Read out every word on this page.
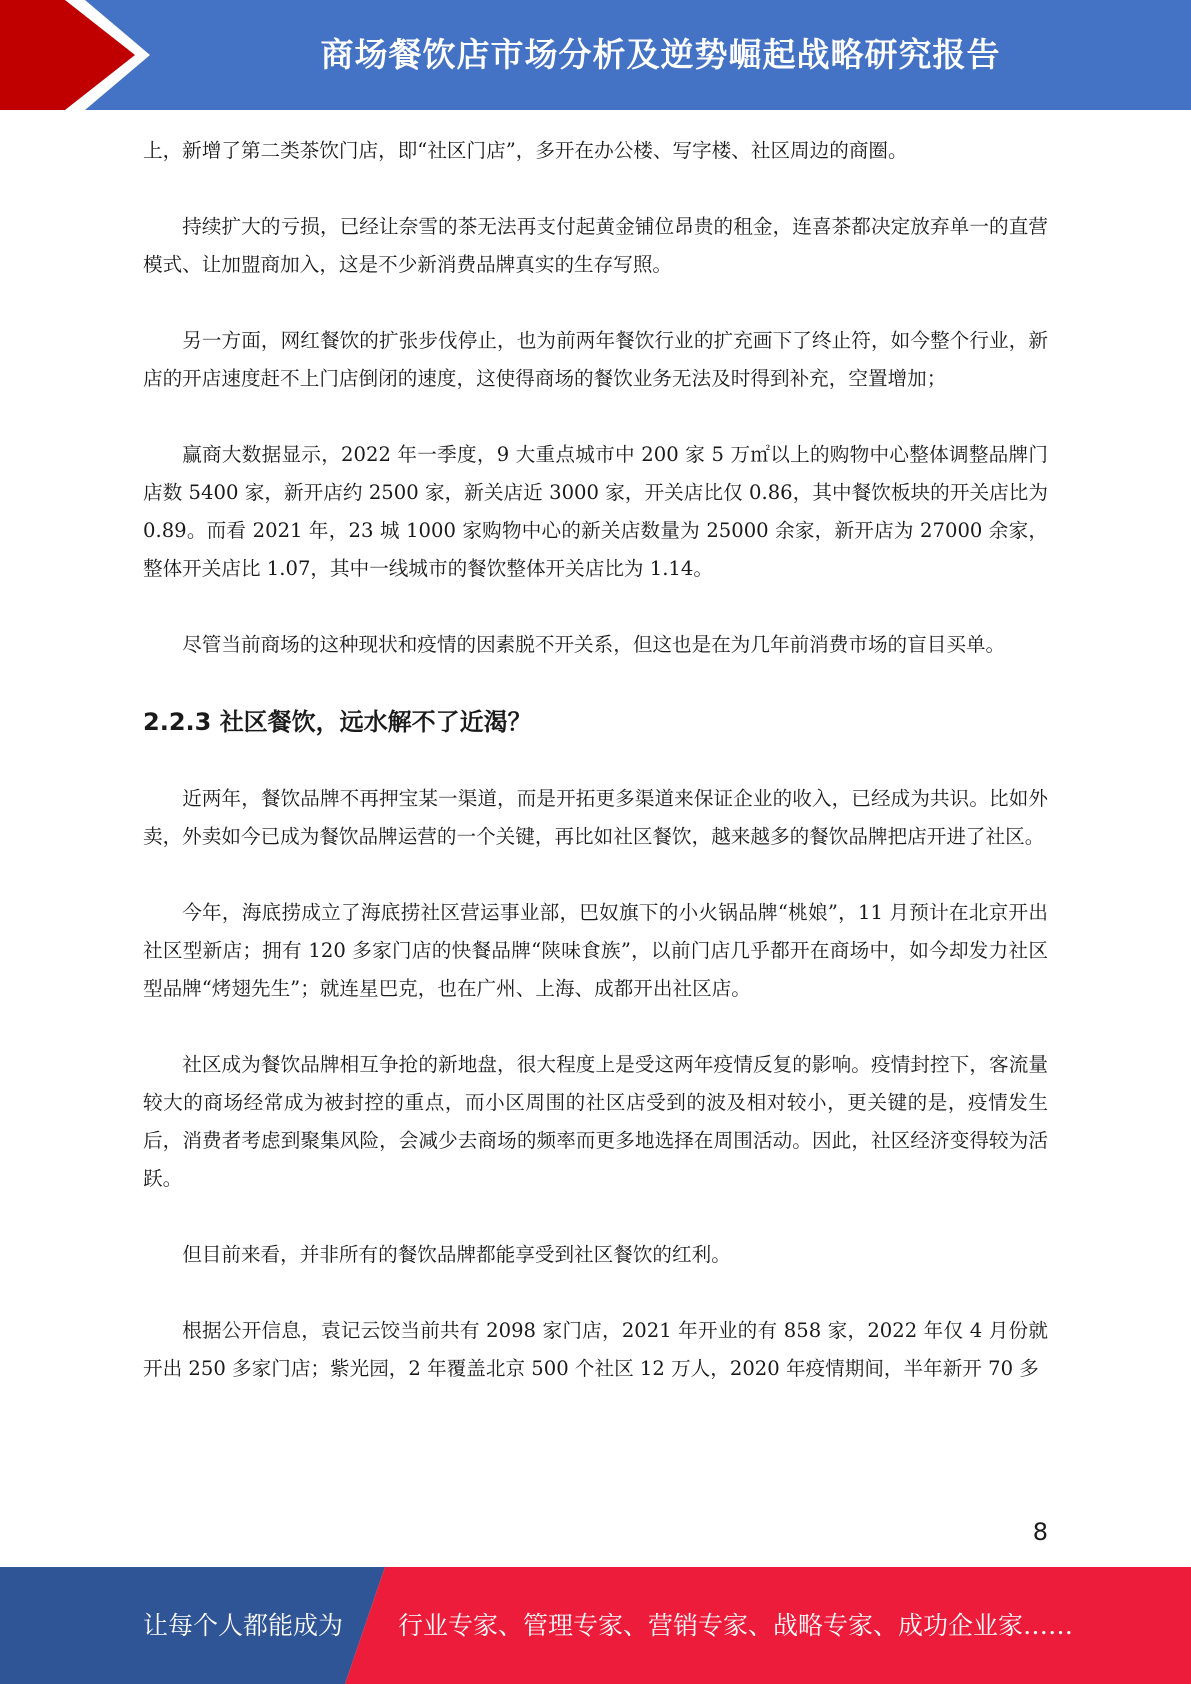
商场餐饮店市场分析及逆势崛起战略研究报告

上，新增了第二类茶饮门店，即“社区门店”，多开在办公楼、写字楼、社区周边的商圈。

持续扩大的亏损，已经让奈雪的茶无法再支付起黄金铺位昂贵的租金，连喜茶都决定放弃单一的直营模式、让加盟商加入，这是不少新消费品牌真实的生存写照。

另一方面，网红餐饮的扩张步伐停止，也为前两年餐饮行业的扩充画下了终止符，如今整个行业，新店的开店速度赶不上门店倒闭的速度，这使得商场的餐饮业务无法及时得到补充，空置增加；

赢商大数据显示，2022 年一季度，9 大重点城市中 200 家 5 万㎡以上的购物中心整体调整品牌门店数 5400 家，新开店约 2500 家，新关店近 3000 家，开关店比仅 0.86，其中餐饮板块的开关店比为 0.89。而看 2021 年，23 城 1000 家购物中心的新关店数量为 25000 余家，新开店为 27000 余家，整体开关店比 1.07，其中一线城市的餐饮整体开关店比为 1.14。

尽管当前商场的这种现状和疫情的因素脱不开关系，但这也是在为几年前消费市场的盲目买单。

2.2.3 社区餐饮，远水解不了近渴？

近两年，餐饮品牌不再押宝某一渠道，而是开拓更多渠道来保证企业的收入，已经成为共识。比如外卖，外卖如今已成为餐饮品牌运营的一个关键，再比如社区餐饮，越来越多的餐饮品牌把店开进了社区。

今年，海底捞成立了海底捞社区营运事业部，巴奴旗下的小火锅品牌“桃娘”，11 月预计在北京开出社区型新店；拥有 120 多家门店的快餐品牌“陕味食族”，以前门店几乎都开在商场中，如今却发力社区型品牌“烤翅先生”；就连星巴克，也在广州、上海、成都开出社区店。

社区成为餐饮品牌相互争抢的新地盘，很大程度上是受这两年疫情反复的影响。疫情封控下，客流量较大的商场经常成为被封控的重点，而小区周围的社区店受到的波及相对较小，更关键的是，疫情发生后，消费者考虑到聚集风险，会减少去商场的频率而更多地选择在周围活动。因此，社区经济变得较为活跃。

但目前来看，并非所有的餐饮品牌都能享受到社区餐饮的红利。

根据公开信息，袁记云饺当前共有 2098 家门店，2021 年开业的有 858 家，2022 年仅 4 月份就开出 250 多家门店；紫光园，2 年覆盖北京 500 个社区 12 万人，2020 年疫情期间，半年新开 70 多

8
让每个人都能成为 行业专家、管理专家、营销专家、战略专家、成功企业家……
